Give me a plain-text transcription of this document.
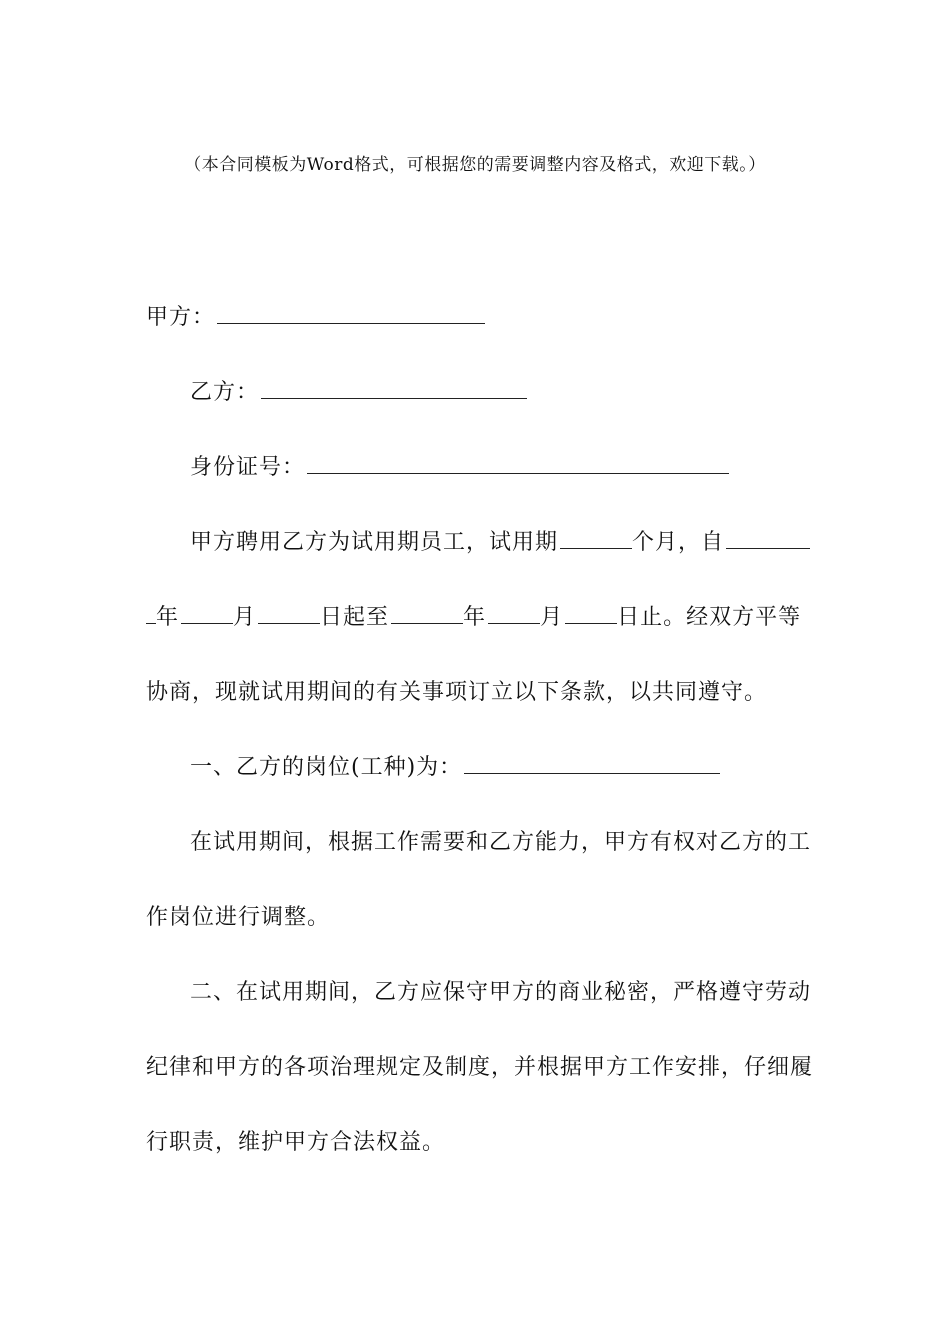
（本合同模板为Word格式，可根据您的需要调整内容及格式，欢迎下载。）
甲方：
乙方：
身份证号：
甲方聘用乙方为试用期员工，试用期	个月，自
年 月	日起至	年 月 日止。经双方平等
协商，现就试用期间的有关事项订立以下条款，以共同遵守。
一、乙方的岗位(工种)为：
在试用期间，根据工作需要和乙方能力，甲方有权对乙方的工
作岗位进行调整。
二、在试用期间，乙方应保守甲方的商业秘密，严格遵守劳动
纪律和甲方的各项治理规定及制度，并根据甲方工作安排，仔细履
行职责，维护甲方合法权益。
